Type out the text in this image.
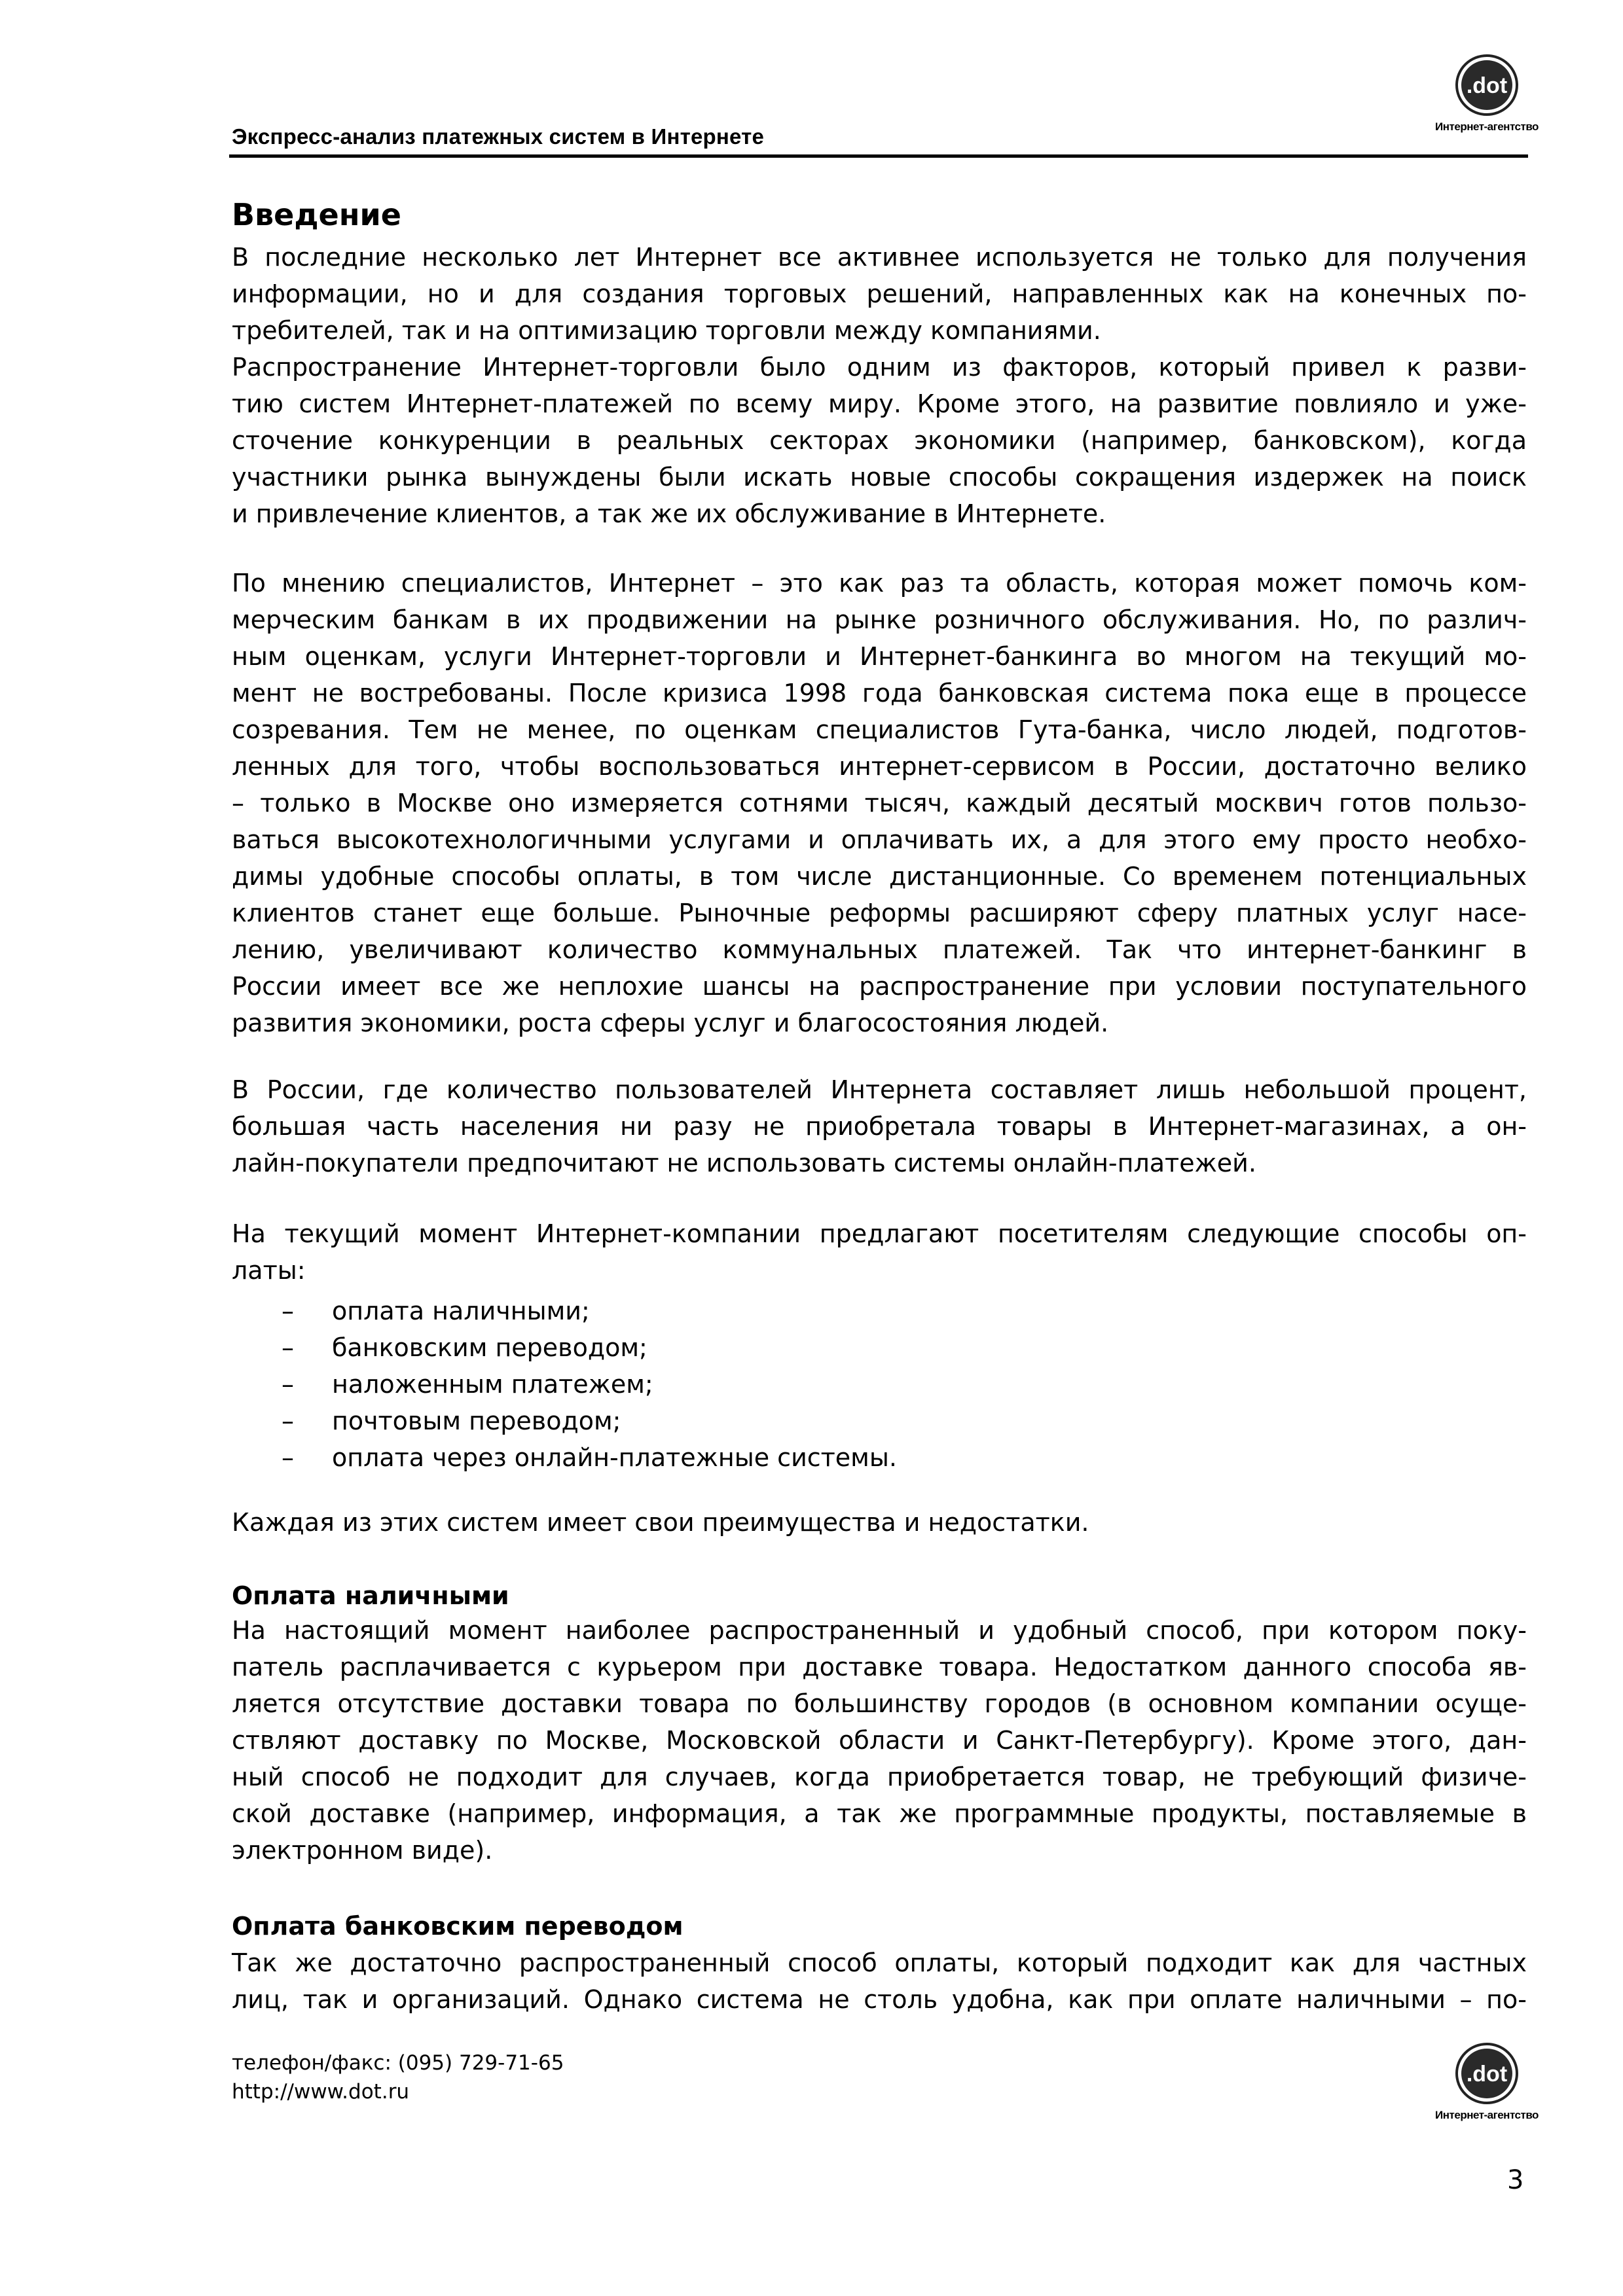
Экспресс-анализ платежных систем в Интернете
.dot
Интернет-агентство
Введение
В последние несколько лет Интернет все активнее используется не только для получения
информации, но и для создания торговых решений, направленных как на конечных по-
требителей, так и на оптимизацию торговли между компаниями.
Распространение Интернет-торговли было одним из факторов, который привел к разви-
тию систем Интернет-платежей по всему миру. Кроме этого, на развитие повлияло и уже-
сточение конкуренции в реальных секторах экономики (например, банковском), когда
участники рынка вынуждены были искать новые способы сокращения издержек на поиск
и привлечение клиентов, а так же их обслуживание в Интернете.
По мнению специалистов, Интернет – это как раз та область, которая может помочь ком-
мерческим банкам в их продвижении на рынке розничного обслуживания. Но, по различ-
ным оценкам, услуги Интернет-торговли и Интернет-банкинга во многом на текущий мо-
мент не востребованы. После кризиса 1998 года банковская система пока еще в процессе
созревания. Тем не менее, по оценкам специалистов Гута-банка, число людей, подготов-
ленных для того, чтобы воспользоваться интернет-сервисом в России, достаточно велико
– только в Москве оно измеряется сотнями тысяч, каждый десятый москвич готов пользо-
ваться высокотехнологичными услугами и оплачивать их, а для этого ему просто необхо-
димы удобные способы оплаты, в том числе дистанционные. Со временем потенциальных
клиентов станет еще больше. Рыночные реформы расширяют сферу платных услуг насе-
лению, увеличивают количество коммунальных платежей. Так что интернет-банкинг в
России имеет все же неплохие шансы на распространение при условии поступательного
развития экономики, роста сферы услуг и благосостояния людей.
В России, где количество пользователей Интернета составляет лишь небольшой процент,
большая часть населения ни разу не приобретала товары в Интернет-магазинах, а он-
лайн-покупатели предпочитают не использовать системы онлайн-платежей.
На текущий момент Интернет-компании предлагают посетителям следующие способы оп-
латы:
– оплата наличными;
– банковским переводом;
– наложенным платежем;
– почтовым переводом;
– оплата через онлайн-платежные системы.
Каждая из этих систем имеет свои преимущества и недостатки.
Оплата наличными
На настоящий момент наиболее распространенный и удобный способ, при котором поку-
патель расплачивается с курьером при доставке товара. Недостатком данного способа яв-
ляется отсутствие доставки товара по большинству городов (в основном компании осуще-
ствляют доставку по Москве, Московской области и Санкт-Петербургу). Кроме этого, дан-
ный способ не подходит для случаев, когда приобретается товар, не требующий физиче-
ской доставке (например, информация, а так же программные продукты, поставляемые в
электронном виде).
Оплата банковским переводом
Так же достаточно распространенный способ оплаты, который подходит как для частных
лиц, так и организаций. Однако система не столь удобна, как при оплате наличными – по-
телефон/факс: (095) 729-71-65
http://www.dot.ru
.dot
Интернет-агентство
3
